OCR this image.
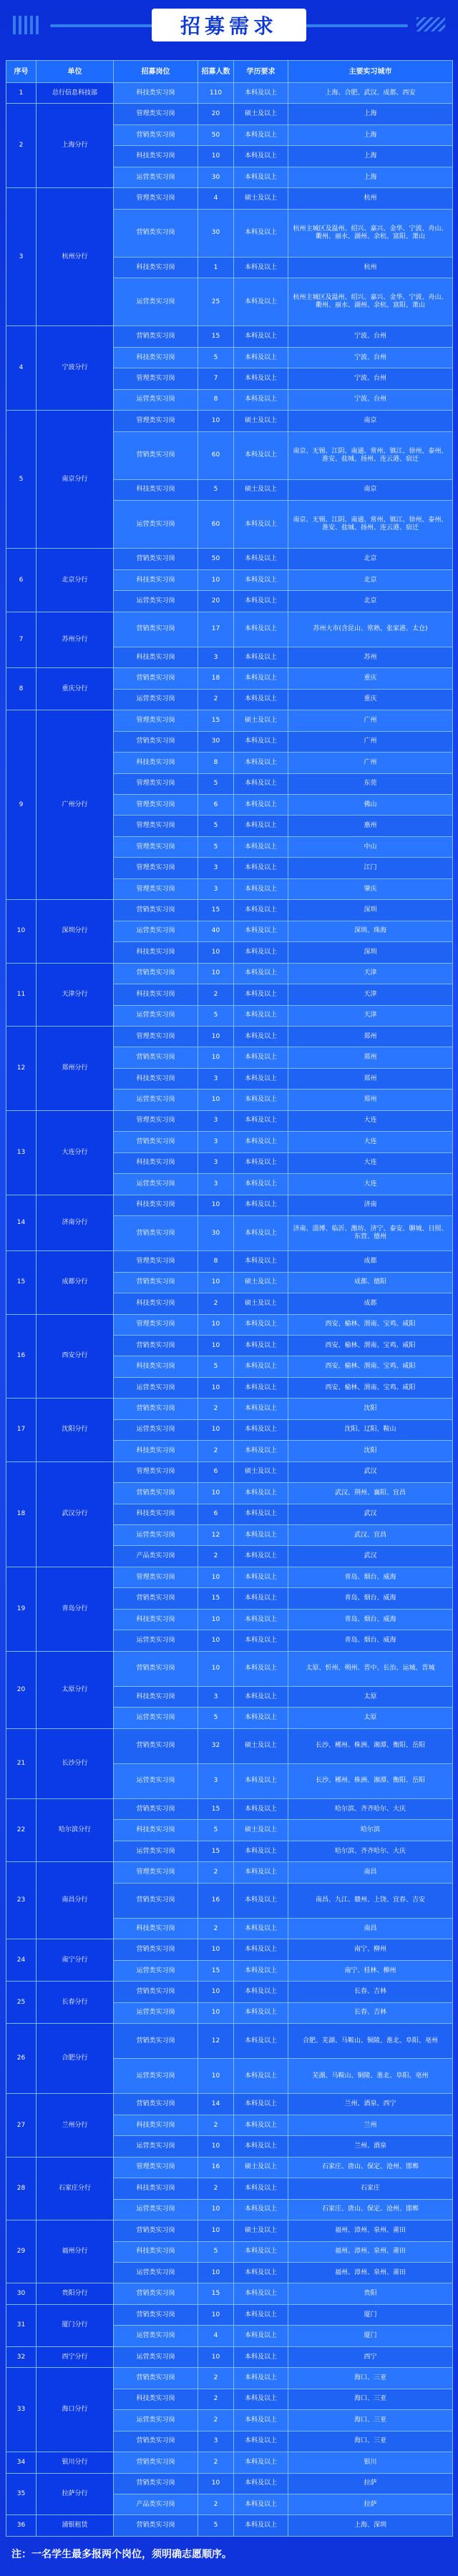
招募需求
序号	单位	招募岗位	招募人数	学历要求	主要实习城市
1	总行信息科技部	科技类实习岗	110	本科及以上	上海、合肥、武汉、成都、西安
2	上海分行	管理类实习岗	20	硕士及以上	上海
		营销类实习岗	50	本科及以上	上海
		科技类实习岗	10	本科及以上	上海
		运营类实习岗	30	本科及以上	上海
3	杭州分行	管理类实习岗	4	硕士及以上	杭州
		营销类实习岗	30	本科及以上	杭州主城区及温州、绍兴、嘉兴、金华、宁波、舟山、衢州、丽水、湖州、余杭、富阳、萧山
		科技类实习岗	1	本科及以上	杭州
		运营类实习岗	25	本科及以上	杭州主城区及温州、绍兴、嘉兴、金华、宁波、舟山、衢州、丽水、湖州、余杭、富阳、萧山
4	宁波分行	营销类实习岗	15	本科及以上	宁波、台州
		科技类实习岗	5	本科及以上	宁波、台州
		管理类实习岗	7	本科及以上	宁波、台州
		运营类实习岗	8	本科及以上	宁波、台州
5	南京分行	管理类实习岗	10	硕士及以上	南京
		营销类实习岗	60	本科及以上	南京、无锡、江阴、南通、常州、镇江、徐州、泰州、淮安、盐城、扬州、连云港、宿迁
		科技类实习岗	5	硕士及以上	南京
		运营类实习岗	60	本科及以上	南京、无锡、江阴、南通、常州、镇江、徐州、泰州、淮安、盐城、扬州、连云港、宿迁
6	北京分行	营销类实习岗	50	本科及以上	北京
		科技类实习岗	10	本科及以上	北京
		运营类实习岗	20	本科及以上	北京
7	苏州分行	营销类实习岗	17	本科及以上	苏州大市(含昆山、常熟、张家港、太仓)
		科技类实习岗	3	本科及以上	苏州
8	重庆分行	营销类实习岗	18	本科及以上	重庆
		运营类实习岗	2	本科及以上	重庆
9	广州分行	管理类实习岗	15	硕士及以上	广州
		营销类实习岗	30	本科及以上	广州
		科技类实习岗	8	本科及以上	广州
		管理类实习岗	5	本科及以上	东莞
		管理类实习岗	6	本科及以上	佛山
		管理类实习岗	5	本科及以上	惠州
		管理类实习岗	5	本科及以上	中山
		管理类实习岗	3	本科及以上	江门
		管理类实习岗	3	本科及以上	肇庆
10	深圳分行	营销类实习岗	15	本科及以上	深圳
		运营类实习岗	40	本科及以上	深圳、珠海
		科技类实习岗	10	本科及以上	深圳
11	天津分行	营销类实习岗	10	本科及以上	天津
		科技类实习岗	2	本科及以上	天津
		运营类实习岗	5	本科及以上	天津
12	郑州分行	管理类实习岗	10	本科及以上	郑州
		营销类实习岗	10	本科及以上	郑州
		科技类实习岗	3	本科及以上	郑州
		运营类实习岗	10	本科及以上	郑州
13	大连分行	管理类实习岗	3	本科及以上	大连
		营销类实习岗	3	本科及以上	大连
		科技类实习岗	3	本科及以上	大连
		运营类实习岗	3	本科及以上	大连
14	济南分行	科技类实习岗	10	本科及以上	济南
		营销类实习岗	30	本科及以上	济南、淄博、临沂、潍坊、济宁、泰安、聊城、日照、东营、德州
15	成都分行	管理类实习岗	8	本科及以上	成都
		营销类实习岗	10	硕士及以上	成都、德阳
		科技类实习岗	2	硕士及以上	成都
16	西安分行	管理类实习岗	10	本科及以上	西安、榆林、渭南、宝鸡、咸阳
		营销类实习岗	10	本科及以上	西安、榆林、渭南、宝鸡、咸阳
		科技类实习岗	5	本科及以上	西安、榆林、渭南、宝鸡、咸阳
		运营类实习岗	10	本科及以上	西安、榆林、渭南、宝鸡、咸阳
17	沈阳分行	营销类实习岗	2	本科及以上	沈阳
		运营类实习岗	10	本科及以上	沈阳、辽阳、鞍山
		科技类实习岗	2	本科及以上	沈阳
18	武汉分行	管理类实习岗	6	硕士及以上	武汉
		营销类实习岗	10	本科及以上	武汉、荆州、襄阳、宜昌
		科技类实习岗	6	本科及以上	武汉
		运营类实习岗	12	本科及以上	武汉、宜昌
		产品类实习岗	2	本科及以上	武汉
19	青岛分行	管理类实习岗	10	本科及以上	青岛、烟台、威海
		营销类实习岗	15	本科及以上	青岛、烟台、威海
		科技类实习岗	10	本科及以上	青岛、烟台、威海
		运营类实习岗	10	本科及以上	青岛、烟台、威海
20	太原分行	营销类实习岗	10	本科及以上	太原、忻州、朔州、晋中、长治、运城、晋城
		科技类实习岗	3	本科及以上	太原
		运营类实习岗	5	本科及以上	太原
21	长沙分行	营销类实习岗	32	硕士及以上	长沙、郴州、株洲、湘潭、衡阳、岳阳
		运营类实习岗	3	本科及以上	长沙、郴州、株洲、湘潭、衡阳、岳阳
22	哈尔滨分行	营销类实习岗	15	本科及以上	哈尔滨、齐齐哈尔、大庆
		科技类实习岗	5	硕士及以上	哈尔滨
		运营类实习岗	15	本科及以上	哈尔滨、齐齐哈尔、大庆
23	南昌分行	管理类实习岗	2	本科及以上	南昌
		营销类实习岗	16	本科及以上	南昌、九江、赣州、上饶、宜春、吉安
		科技类实习岗	2	本科及以上	南昌
24	南宁分行	营销类实习岗	10	本科及以上	南宁、柳州
		运营类实习岗	15	本科及以上	南宁、桂林、柳州
25	长春分行	营销类实习岗	10	本科及以上	长春、吉林
		运营类实习岗	10	本科及以上	长春、吉林
26	合肥分行	营销类实习岗	12	本科及以上	合肥、芜湖、马鞍山、铜陵、淮北、阜阳、亳州
		运营类实习岗	10	本科及以上	芜湖、马鞍山、铜陵、淮北、阜阳、亳州
27	兰州分行	营销类实习岗	14	本科及以上	兰州、酒泉、西宁
		科技类实习岗	2	本科及以上	兰州
		运营类实习岗	10	本科及以上	兰州、酒泉
28	石家庄分行	管理类实习岗	16	硕士及以上	石家庄、唐山、保定、沧州、邯郸
		科技类实习岗	2	本科及以上	石家庄
		运营类实习岗	10	本科及以上	石家庄、唐山、保定、沧州、邯郸
29	福州分行	营销类实习岗	10	硕士及以上	福州、漳州、泉州、莆田
		科技类实习岗	5	本科及以上	福州、漳州、泉州、莆田
		运营类实习岗	10	本科及以上	福州、漳州、泉州、莆田
30	贵阳分行	营销类实习岗	15	本科及以上	贵阳
31	厦门分行	营销类实习岗	10	本科及以上	厦门
		运营类实习岗	4	本科及以上	厦门
32	西宁分行	运营类实习岗	10	本科及以上	西宁
33	海口分行	营销类实习岗	2	本科及以上	海口、三亚
		科技类实习岗	2	本科及以上	海口、三亚
		运营类实习岗	2	本科及以上	海口、三亚
		营销类实习岗	3	本科及以上	海口、三亚
34	银川分行	营销类实习岗	2	本科及以上	银川
35	拉萨分行	营销类实习岗	10	本科及以上	拉萨
		产品类实习岗	2	本科及以上	拉萨
36	浦银租赁	营销类实习岗	5	本科及以上	上海、深圳
注：一名学生最多报两个岗位，须明确志愿顺序。
